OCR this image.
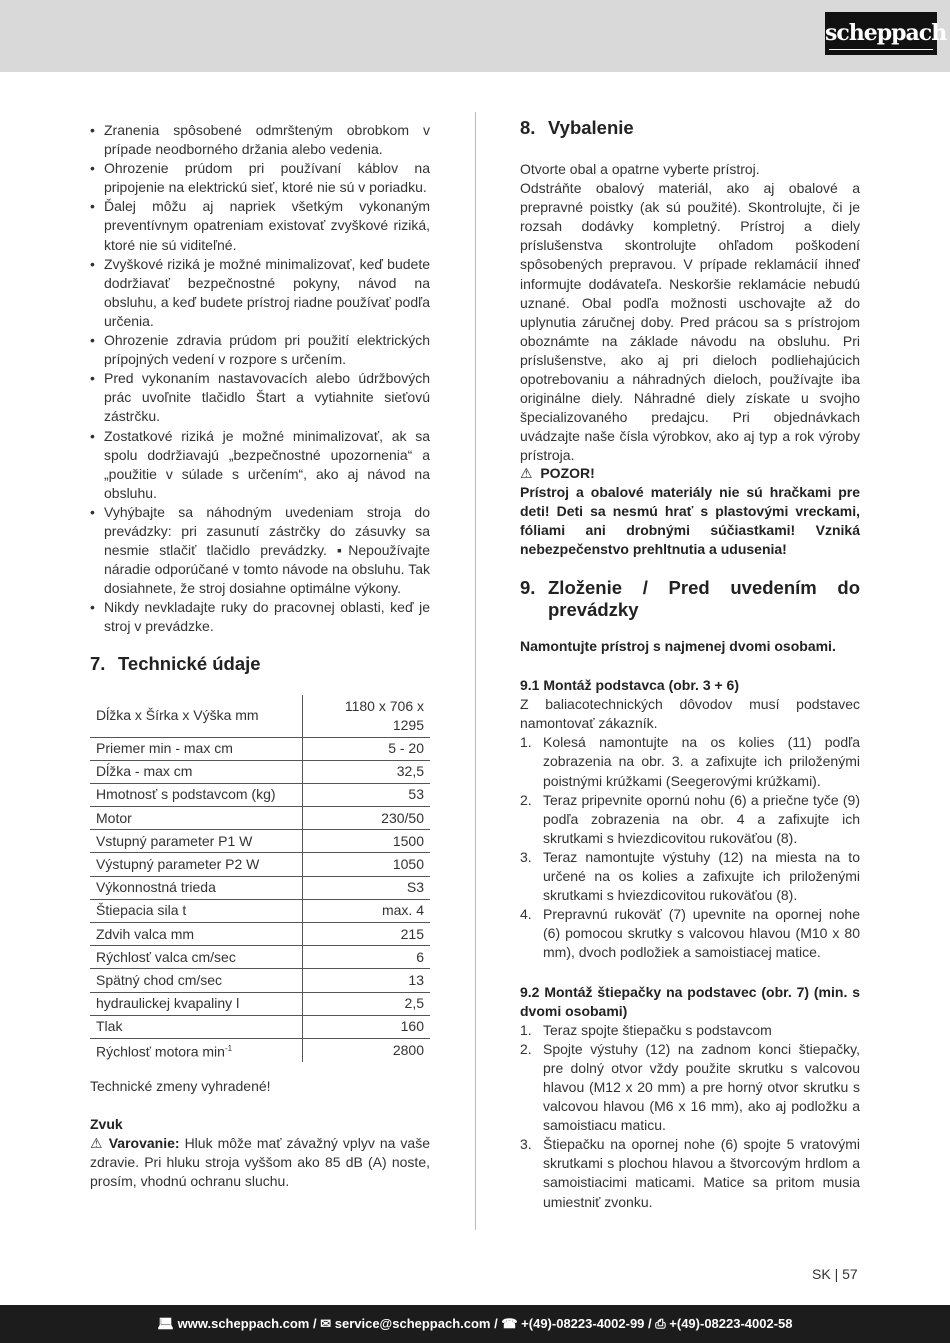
scheppach
• Zranenia spôsobené odmršteným obrobkom v prípade neodborného držania alebo vedenia.
• Ohrozenie prúdom pri používaní káblov na pripojenie na elektrickú sieť, ktoré nie sú v poriadku.
• Ďalej môžu aj napriek všetkým vykonaným preventívnym opatreniam existovať zvyškové riziká, ktoré nie sú viditeľné.
• Zvyškové riziká je možné minimalizovať, keď budete dodržiavať bezpečnostné pokyny, návod na obsluhu, a keď budete prístroj riadne používať podľa určenia.
• Ohrozenie zdravia prúdom pri použití elektrických prípojných vedení v rozpore s určením.
• Pred vykonaním nastavovacích alebo údržbových prác uvoľnite tlačidlo Štart a vytiahnite sieťovú zástrčku.
• Zostatkové riziká je možné minimalizovať, ak sa spolu dodržiavajú „bezpečnostné upozornenia“ a „použitie v súlade s určením“, ako aj návod na obsluhu.
• Vyhýbajte sa náhodným uvedeniam stroja do prevádzky: pri zasunutí zástrčky do zásuvky sa nesmie stlačiť tlačidlo prevádzky. ▪Nepoužívajte náradie odporúčané v tomto návode na obsluhu. Tak dosiahnete, že stroj dosiahne optimálne výkony.
• Nikdy nevkladajte ruky do pracovnej oblasti, keď je stroj v prevádzke.
7. Technické údaje
Dĺžka x Šírka x Výška mm	1180 x 706 x 1295
Priemer min - max cm	5 - 20
Dĺžka - max cm	32,5
Hmotnosť s podstavcom (kg)	53
Motor	230/50
Vstupný parameter P1 W	1500
Výstupný parameter P2 W	1050
Výkonnostná trieda	S3
Štiepacia sila t	max. 4
Zdvih valca mm	215
Rýchlosť valca cm/sec	6
Spätný chod cm/sec	13
hydraulickej kvapaliny l	2,5
Tlak	160
Rýchlosť motora $\min^{-1}$	2800

Technické zmeny vyhradené!

Zvuk

⚠ Varovanie: Hluk môže mať závažný vplyv na vaše zdravie. Pri hluku stroja vyššom ako 85 dB (A) noste, prosím, vhodnú ochranu sluchu.

8. Vybalenie

Otvorte obal a opatrne vyberte prístroj.

Odstráňte obalový materiál, ako aj obalové a prepravné poistky (ak sú použité). Skontrolujte, či je rozsah dodávky kompletný. Prístroj a diely príslušenstva skontrolujte ohľadom poškodení spôsobených prepravou. V prípade reklamácií ihneď informujte dodávateľa. Neskoršie reklamácie nebudú uznané. Obal podľa možnosti uschovajte až do uplynutia záručnej doby. Pred prácou sa s prístrojom oboznámte na základe návodu na obsluhu. Pri príslušenstve, ako aj pri dieloch podliehajúcich opotrebovaniu a náhradných dieloch, používajte iba originálne diely. Náhradné diely získate u svojho špecializovaného predajcu. Pri objednávkach uvádzajte naše čísla výrobkov, ako aj typ a rok výroby prístroja.

⚠ POZOR!

Prístroj a obalové materiály nie sú hračkami pre deti! Deti sa nesmú hrať s plastovými vreckami, fóliami ani drobnými súčiastkami! Vzniká nebezpečenstvo prehltnutia a udusenia!

9. Zloženie / Pred uvedením do prevádzky

Namontujte prístroj s najmenej dvomi osobami.

9.1 Montáž podstavca (obr. 3 + 6)

Z baliacotechnických dôvodov musí podstavec namontovať zákazník.

1. Kolesá namontujte na os kolies (11) podľa zobrazenia na obr. 3. a zafixujte ich priloženými poistnými krúžkami (Seegerovými krúžkami).
2. Teraz pripevnite opornú nohu (6) a priečne tyče (9) podľa zobrazenia na obr. 4 a zafixujte ich skrutkami s hviezdicovitou rukoväťou (8).
3. Teraz namontujte výstuhy (12) na miesta na to určené na os kolies a zafixujte ich priloženými skrutkami s hviezdicovitou rukoväťou (8).
4. Prepravnú rukoväť (7) upevnite na opornej nohe (6) pomocou skrutky s valcovou hlavou (M10 x 80 mm), dvoch podložiek a samoistiacej matice.

9.2 Montáž štiepačky na podstavec (obr. 7) (min. s dvomi osobami)

1. Teraz spojte štiepačku s podstavcom
2. Spojte výstuhy (12) na zadnom konci štiepačky, pre dolný otvor vždy použite skrutku s valcovou hlavou (M12 x 20 mm) a pre horný otvor skrutku s valcovou hlavou (M6 x 16 mm), ako aj podložku a samoistiacu maticu.
3. Štiepačku na opornej nohe (6) spojte 5 vratovými skrutkami s plochou hlavou a štvorcovým hrdlom a samoistiacimi maticami. Matice sa pritom musia umiestniť zvonku.
SK | 57
💻︎ www.scheppach.com / ✉ service@scheppach.com / ☎ +(49)-08223-4002-99 / ⎙ +(49)-08223-4002-58
